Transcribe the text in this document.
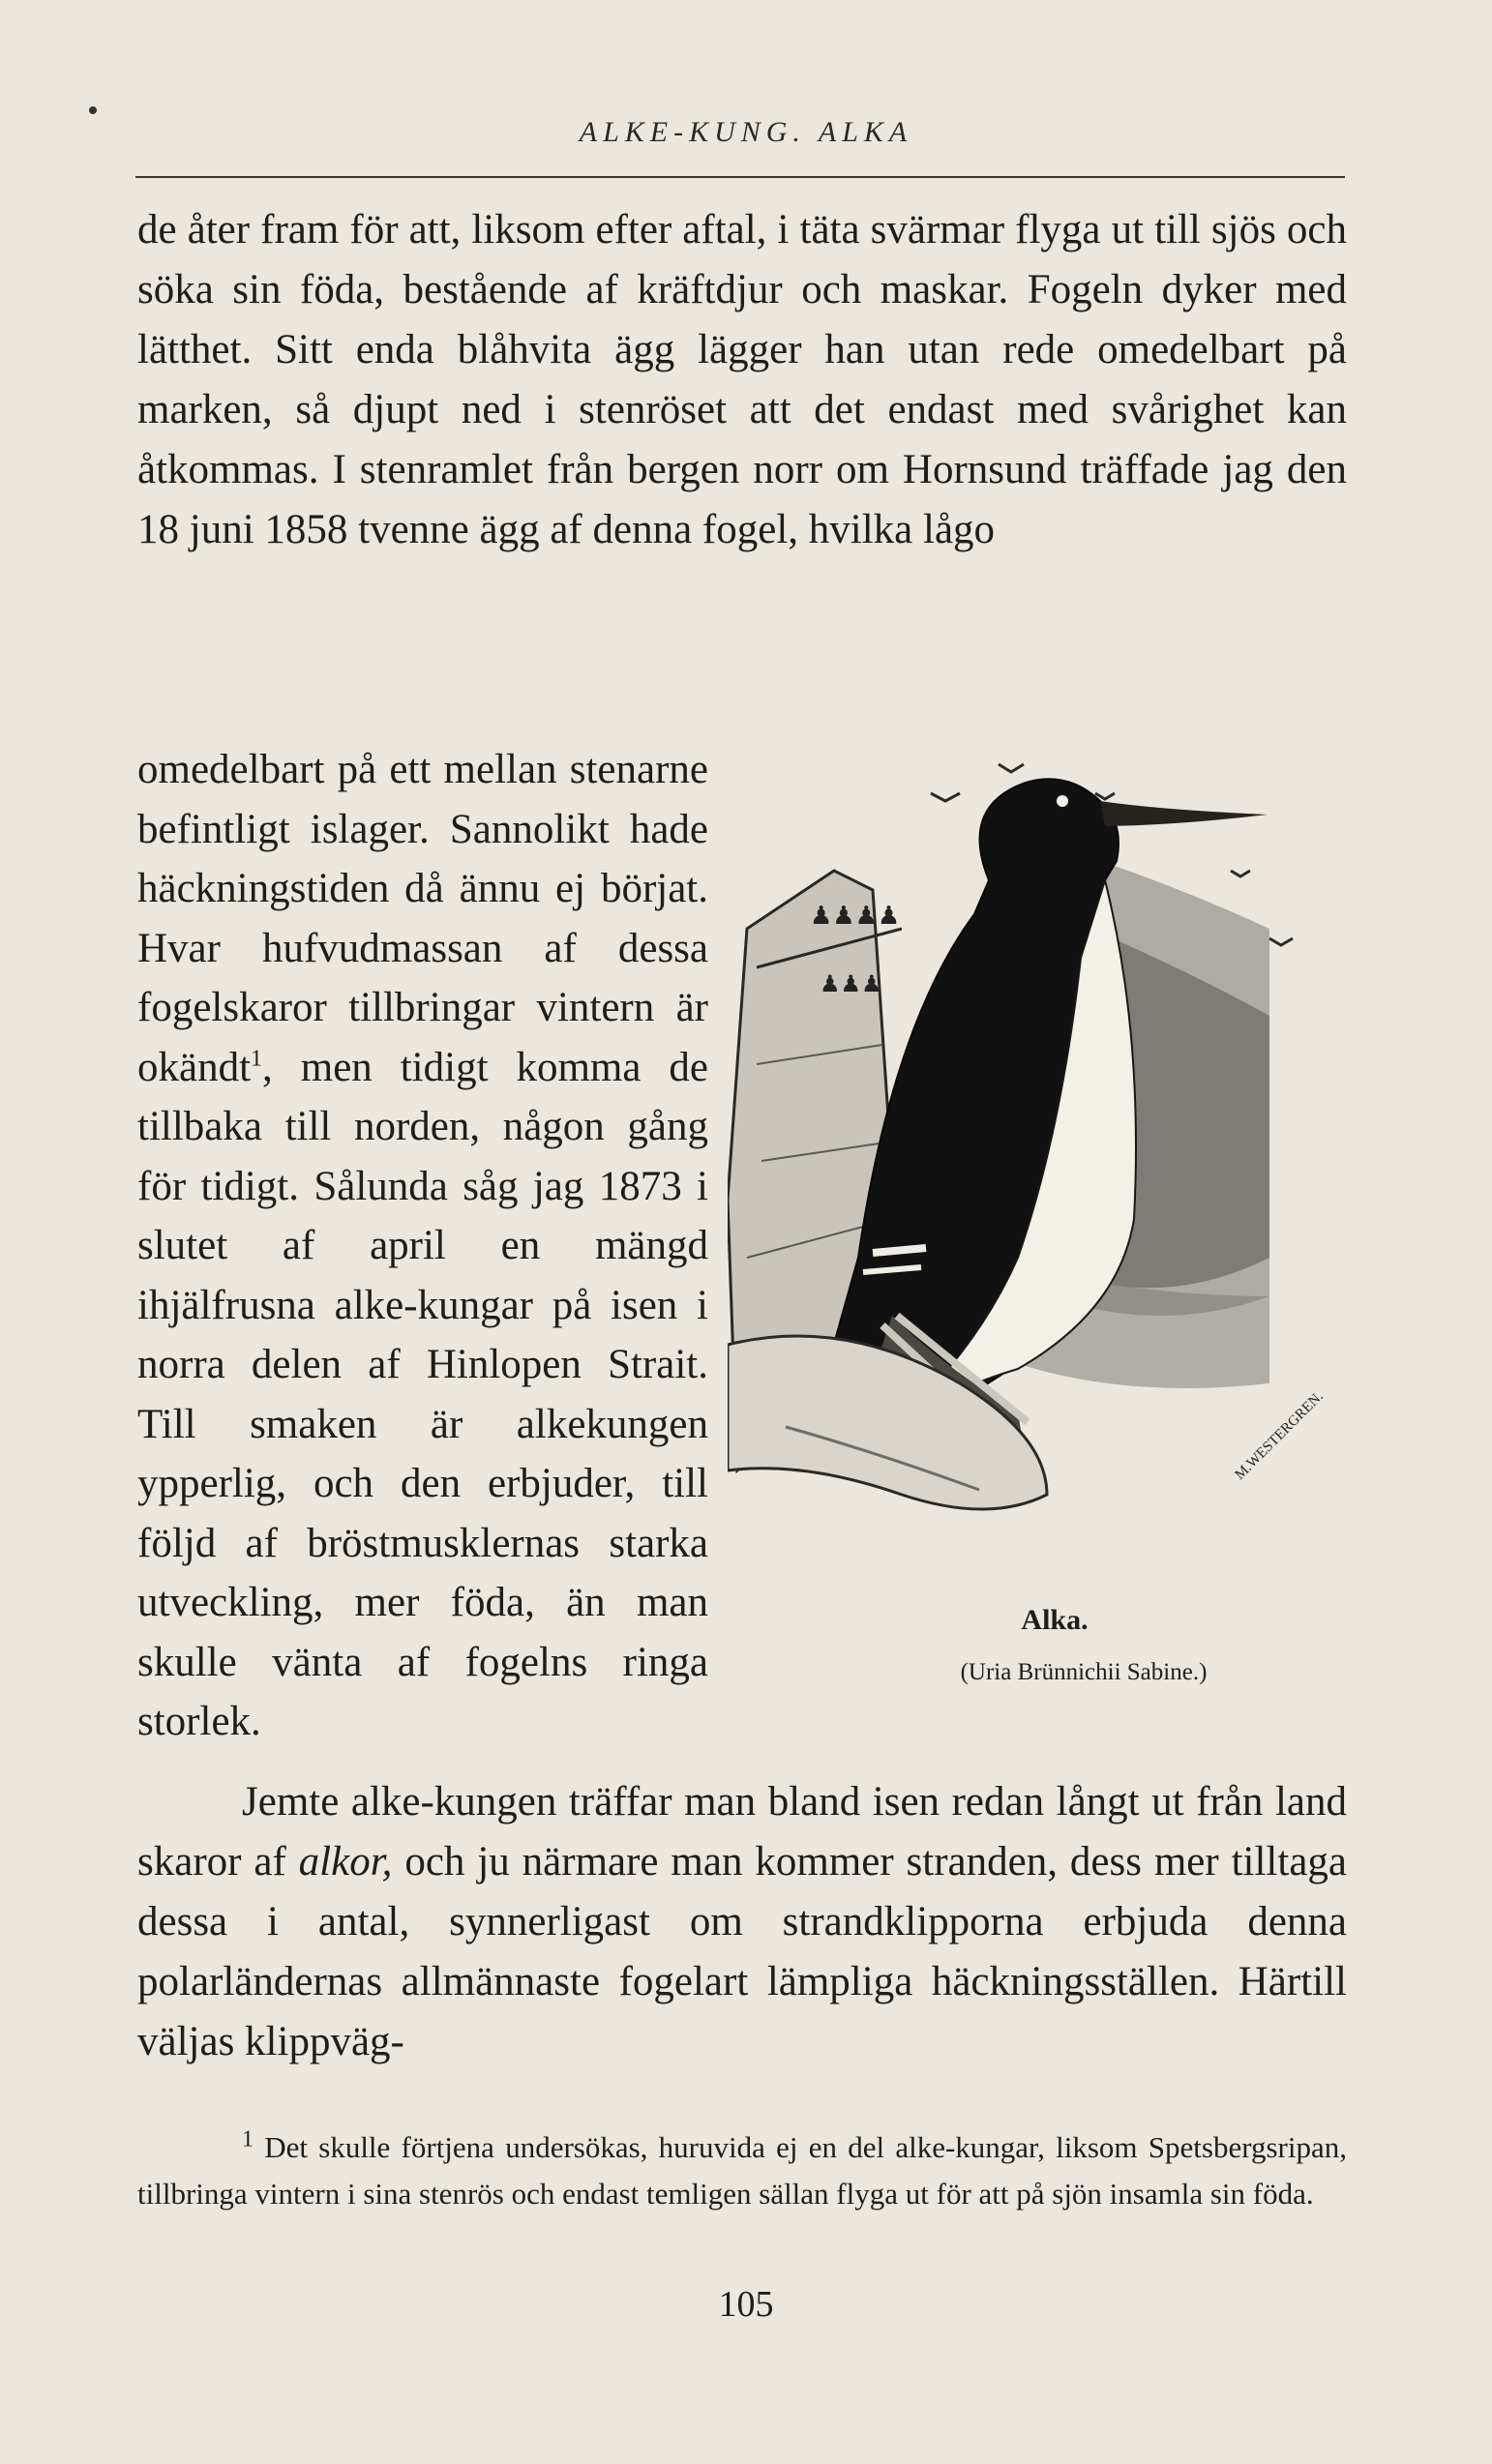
ALKE-KUNG. ALKA

de åter fram för att, liksom efter aftal, i täta svärmar flyga ut till sjös och söka sin föda, bestående af kräftdjur och maskar. Fogeln dyker med lätthet. Sitt enda blåhvita ägg lägger han utan rede omedelbart på marken, så djupt ned i stenröset att det endast med svårighet kan åtkommas. I stenramlet från bergen norr om Hornsund träffade jag den 18 juni 1858 tvenne ägg af denna fogel, hvilka lågo

omedelbart på ett mellan stenarne befintligt islager. Sannolikt hade häckningstiden då ännu ej börjat. Hvar hufvudmassan af dessa fogelskaror tillbringar vintern är okändt$^1$, men tidigt komma de tillbaka till norden, någon gång för tidigt. Sålunda såg jag 1873 i slutet af april en mängd ihjälfrusna alke-kungar på isen i norra delen af Hinlopen Strait. Till smaken är alkekungen ypperlig, och den erbjuder, till följd af bröstmusklernas starka utveckling, mer föda, än man skulle vänta af fogelns ringa storlek.

♟♟♟♟
♟♟♟
M.WESTERGREN.
Alka.
(Uria Brünnichii Sabine.)

Jemte alke-kungen träffar man bland isen redan långt ut från land skaror af alkor, och ju närmare man kommer stranden, dess mer tilltaga dessa i antal, synnerligast om strandklipporna erbjuda denna polarländernas allmännaste fogelart lämpliga häckningsställen. Härtill väljas klippväg-

$^1$ Det skulle förtjena undersökas, huruvida ej en del alke-kungar, liksom Spetsbergsripan, tillbringa vintern i sina stenrös och endast temligen sällan flyga ut för att på sjön insamla sin föda.

105
